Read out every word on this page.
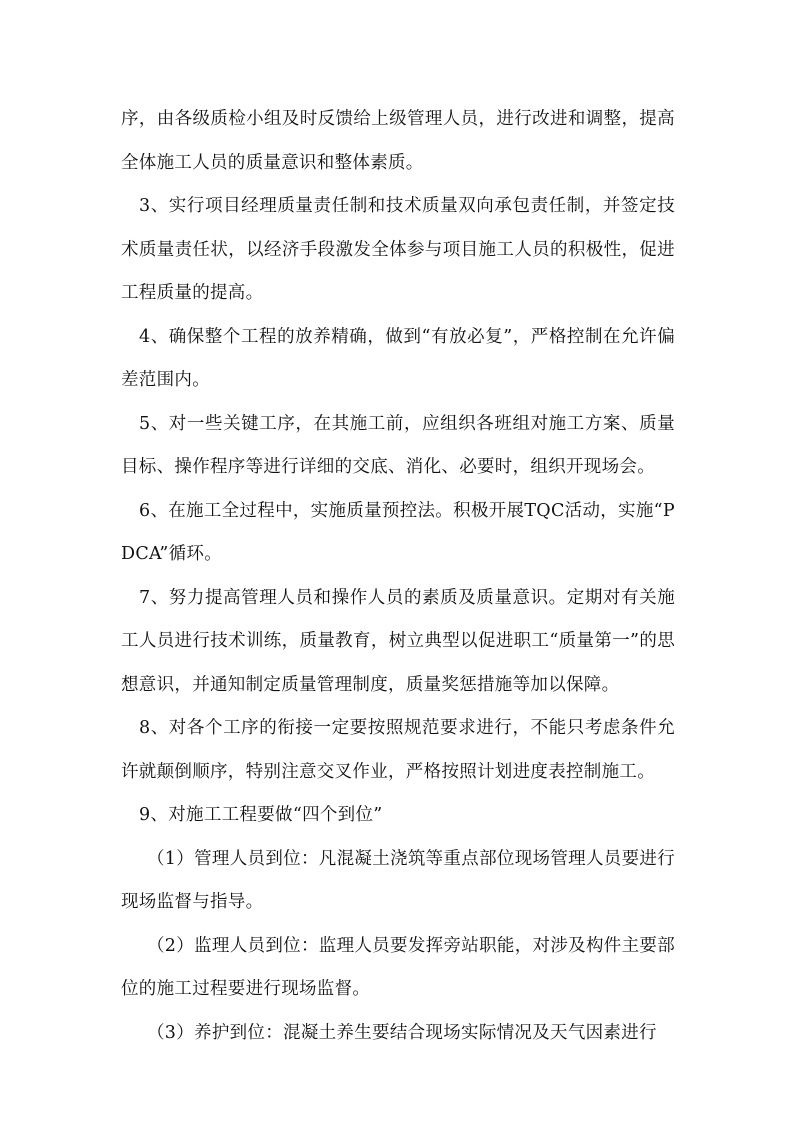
序，由各级质检小组及时反馈给上级管理人员，进行改进和调整，提高全体施工人员的质量意识和整体素质。

3、实行项目经理质量责任制和技术质量双向承包责任制，并签定技术质量责任状，以经济手段激发全体参与项目施工人员的积极性，促进工程质量的提高。

4、确保整个工程的放养精确，做到“有放必复”，严格控制在允许偏差范围内。

5、对一些关键工序，在其施工前，应组织各班组对施工方案、质量目标、操作程序等进行详细的交底、消化、必要时，组织开现场会。

6、在施工全过程中，实施质量预控法。积极开展TQC活动，实施“PDCA”循环。

7、努力提高管理人员和操作人员的素质及质量意识。定期对有关施工人员进行技术训练，质量教育，树立典型以促进职工“质量第一”的思想意识，并通知制定质量管理制度，质量奖惩措施等加以保障。

8、对各个工序的衔接一定要按照规范要求进行，不能只考虑条件允许就颠倒顺序，特别注意交叉作业，严格按照计划进度表控制施工。

9、对施工工程要做“四个到位”

（1）管理人员到位：凡混凝土浇筑等重点部位现场管理人员要进行现场监督与指导。

（2）监理人员到位：监理人员要发挥旁站职能，对涉及构件主要部位的施工过程要进行现场监督。

（3）养护到位：混凝土养生要结合现场实际情况及天气因素进行
